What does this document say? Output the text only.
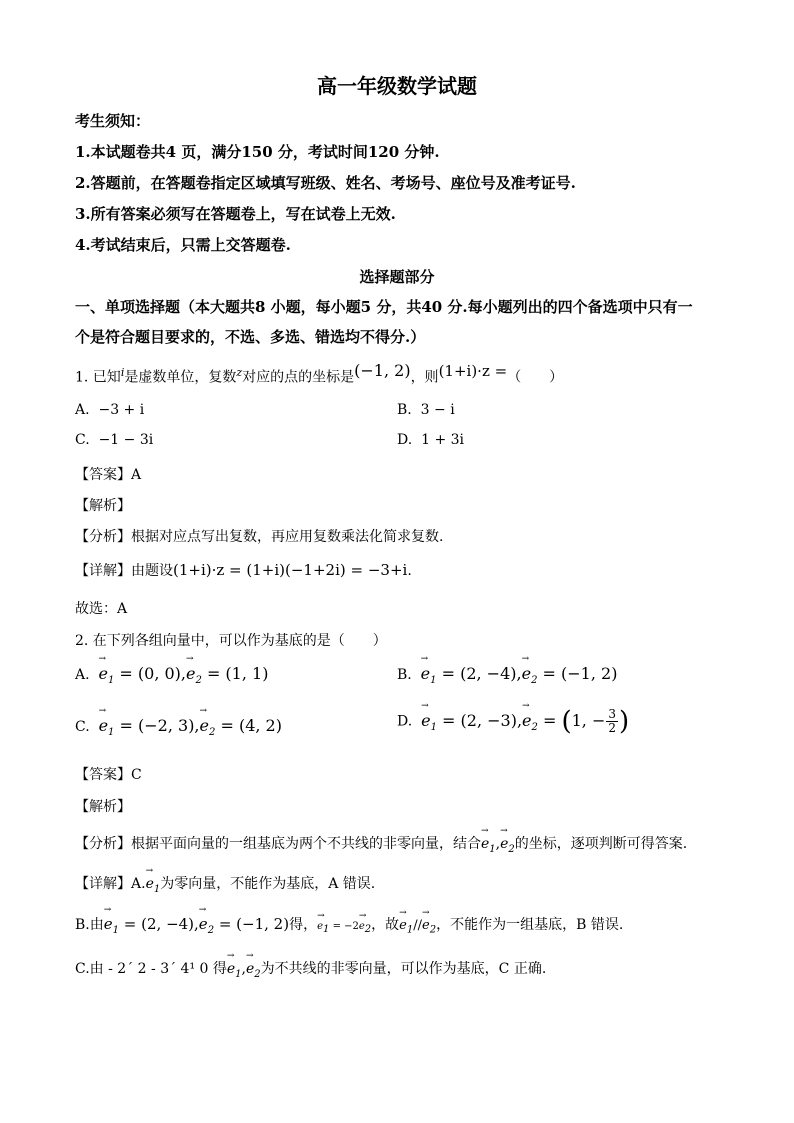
高一年级数学试题
考生须知：
1.本试题卷共4 页，满分150 分，考试时间120 分钟.
2.答题前，在答题卷指定区域填写班级、姓名、考场号、座位号及准考证号.
3.所有答案必须写在答题卷上，写在试卷上无效.
4.考试结束后，只需上交答题卷.
选择题部分
一、单项选择题（本大题共8 小题，每小题5 分，共40 分.每小题列出的四个备选项中只有一
个是符合题目要求的，不选、多选、错选均不得分.）
1. 已知$^i$是虚数单位，复数$^z$对应的点的坐标是(−1, 2)，则(1+i)·z =（　　）
A. −3 + i	B. 3 − i
C. −1 − 3i	D. 1 + 3i
【答案】A
【解析】
【分析】根据对应点写出复数，再应用复数乘法化简求复数.
【详解】由题设(1+i)·z = (1+i)(−1+2i) = −3+i.
故选：A
2. 在下列各组向量中，可以作为基底的是（　　）
A. → $e_1 = (0$, $0),\to e_2 = (1$, 1)	B. → $e_1 = (2$, $-4),\to e_2 = (-1$, 2)
C. → $e_1 = (-2$, $3),\to e_2 = (4$, 2)	D. → $e_1 = (2$, $-3),\to e_2 = (1$, − $\frac{3}{2}$ )
【答案】C
【解析】
【分析】根据平面向量的一组基底为两个不共线的非零向量，结合→ $e_1,\to e_2$的坐标，逐项判断可得答案.
【详解】$A.\to e_1$为零向量，不能作为基底，A 错误.
B.由→ $e_1 = (2$, $-4),\to e_2 = (-1$, 2)得，→ $e_1 = -2\to e_2$，故→ $e_1//\to e_2$，不能作为一组基底，B 错误.
C.由 - 2´ 2 - 3´ 4¹ 0 得→ $e_1,\to e_2$为不共线的非零向量，可以作为基底，C 正确.
